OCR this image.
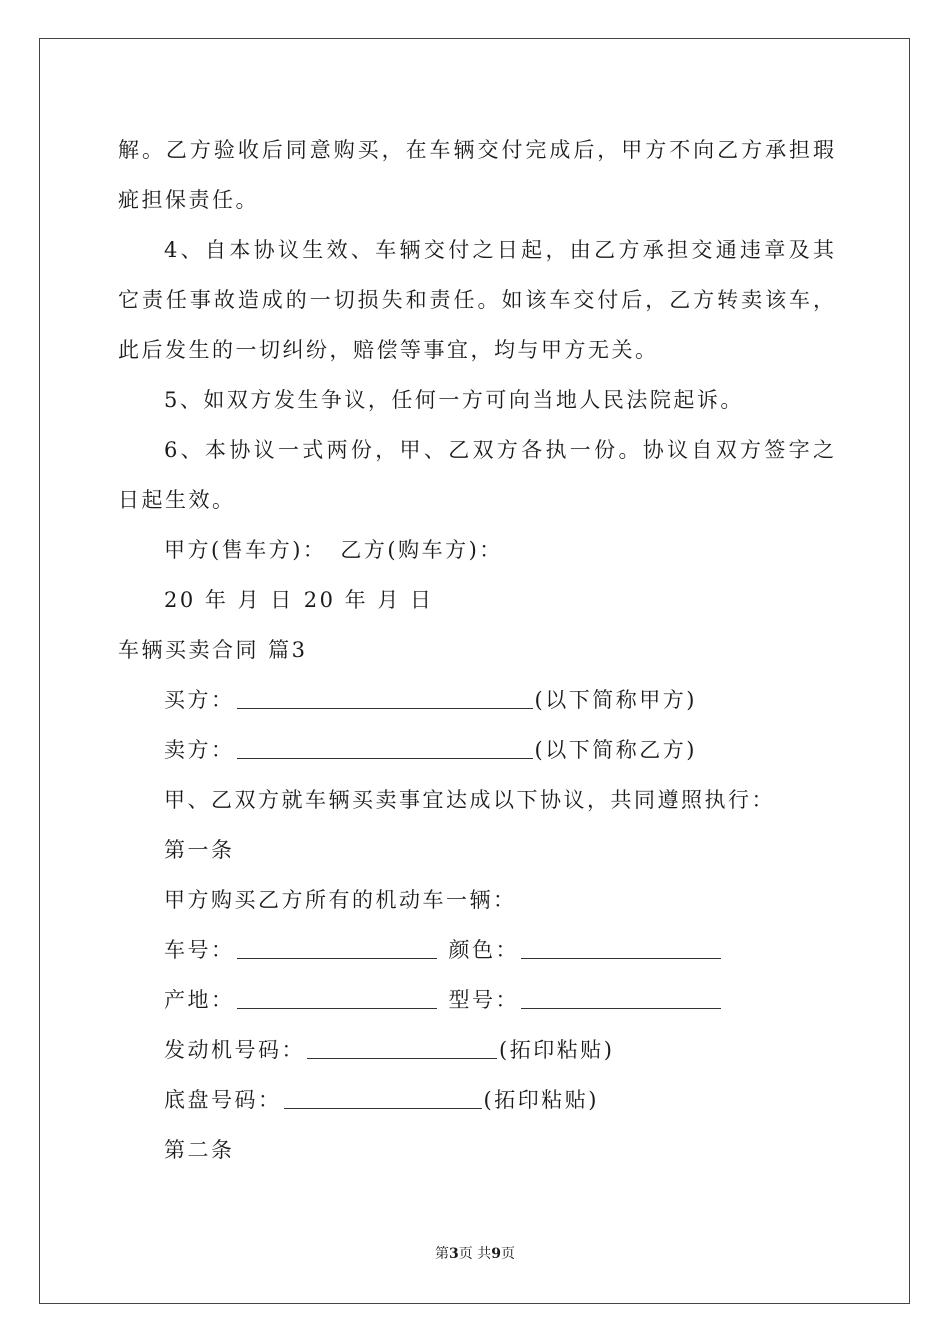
解。乙方验收后同意购买，在车辆交付完成后，甲方不向乙方承担瑕
疵担保责任。
4、自本协议生效、车辆交付之日起，由乙方承担交通违章及其
它责任事故造成的一切损失和责任。如该车交付后，乙方转卖该车，
此后发生的一切纠纷，赔偿等事宜，均与甲方无关。
5、如双方发生争议，任何一方可向当地人民法院起诉。
6、本协议一式两份，甲、乙双方各执一份。协议自双方签字之
日起生效。
甲方(售车方)： 乙方(购车方)：
20 年 月 日 20 年 月 日
车辆买卖合同 篇3
买方：	(以下简称甲方)
卖方：	(以下简称乙方)
甲、乙双方就车辆买卖事宜达成以下协议，共同遵照执行：
第一条
甲方购买乙方所有的机动车一辆：
车号：	颜色：
产地：	型号：
发动机号码：	(拓印粘贴)
底盘号码：	(拓印粘贴)
第二条
第3页 共9页
